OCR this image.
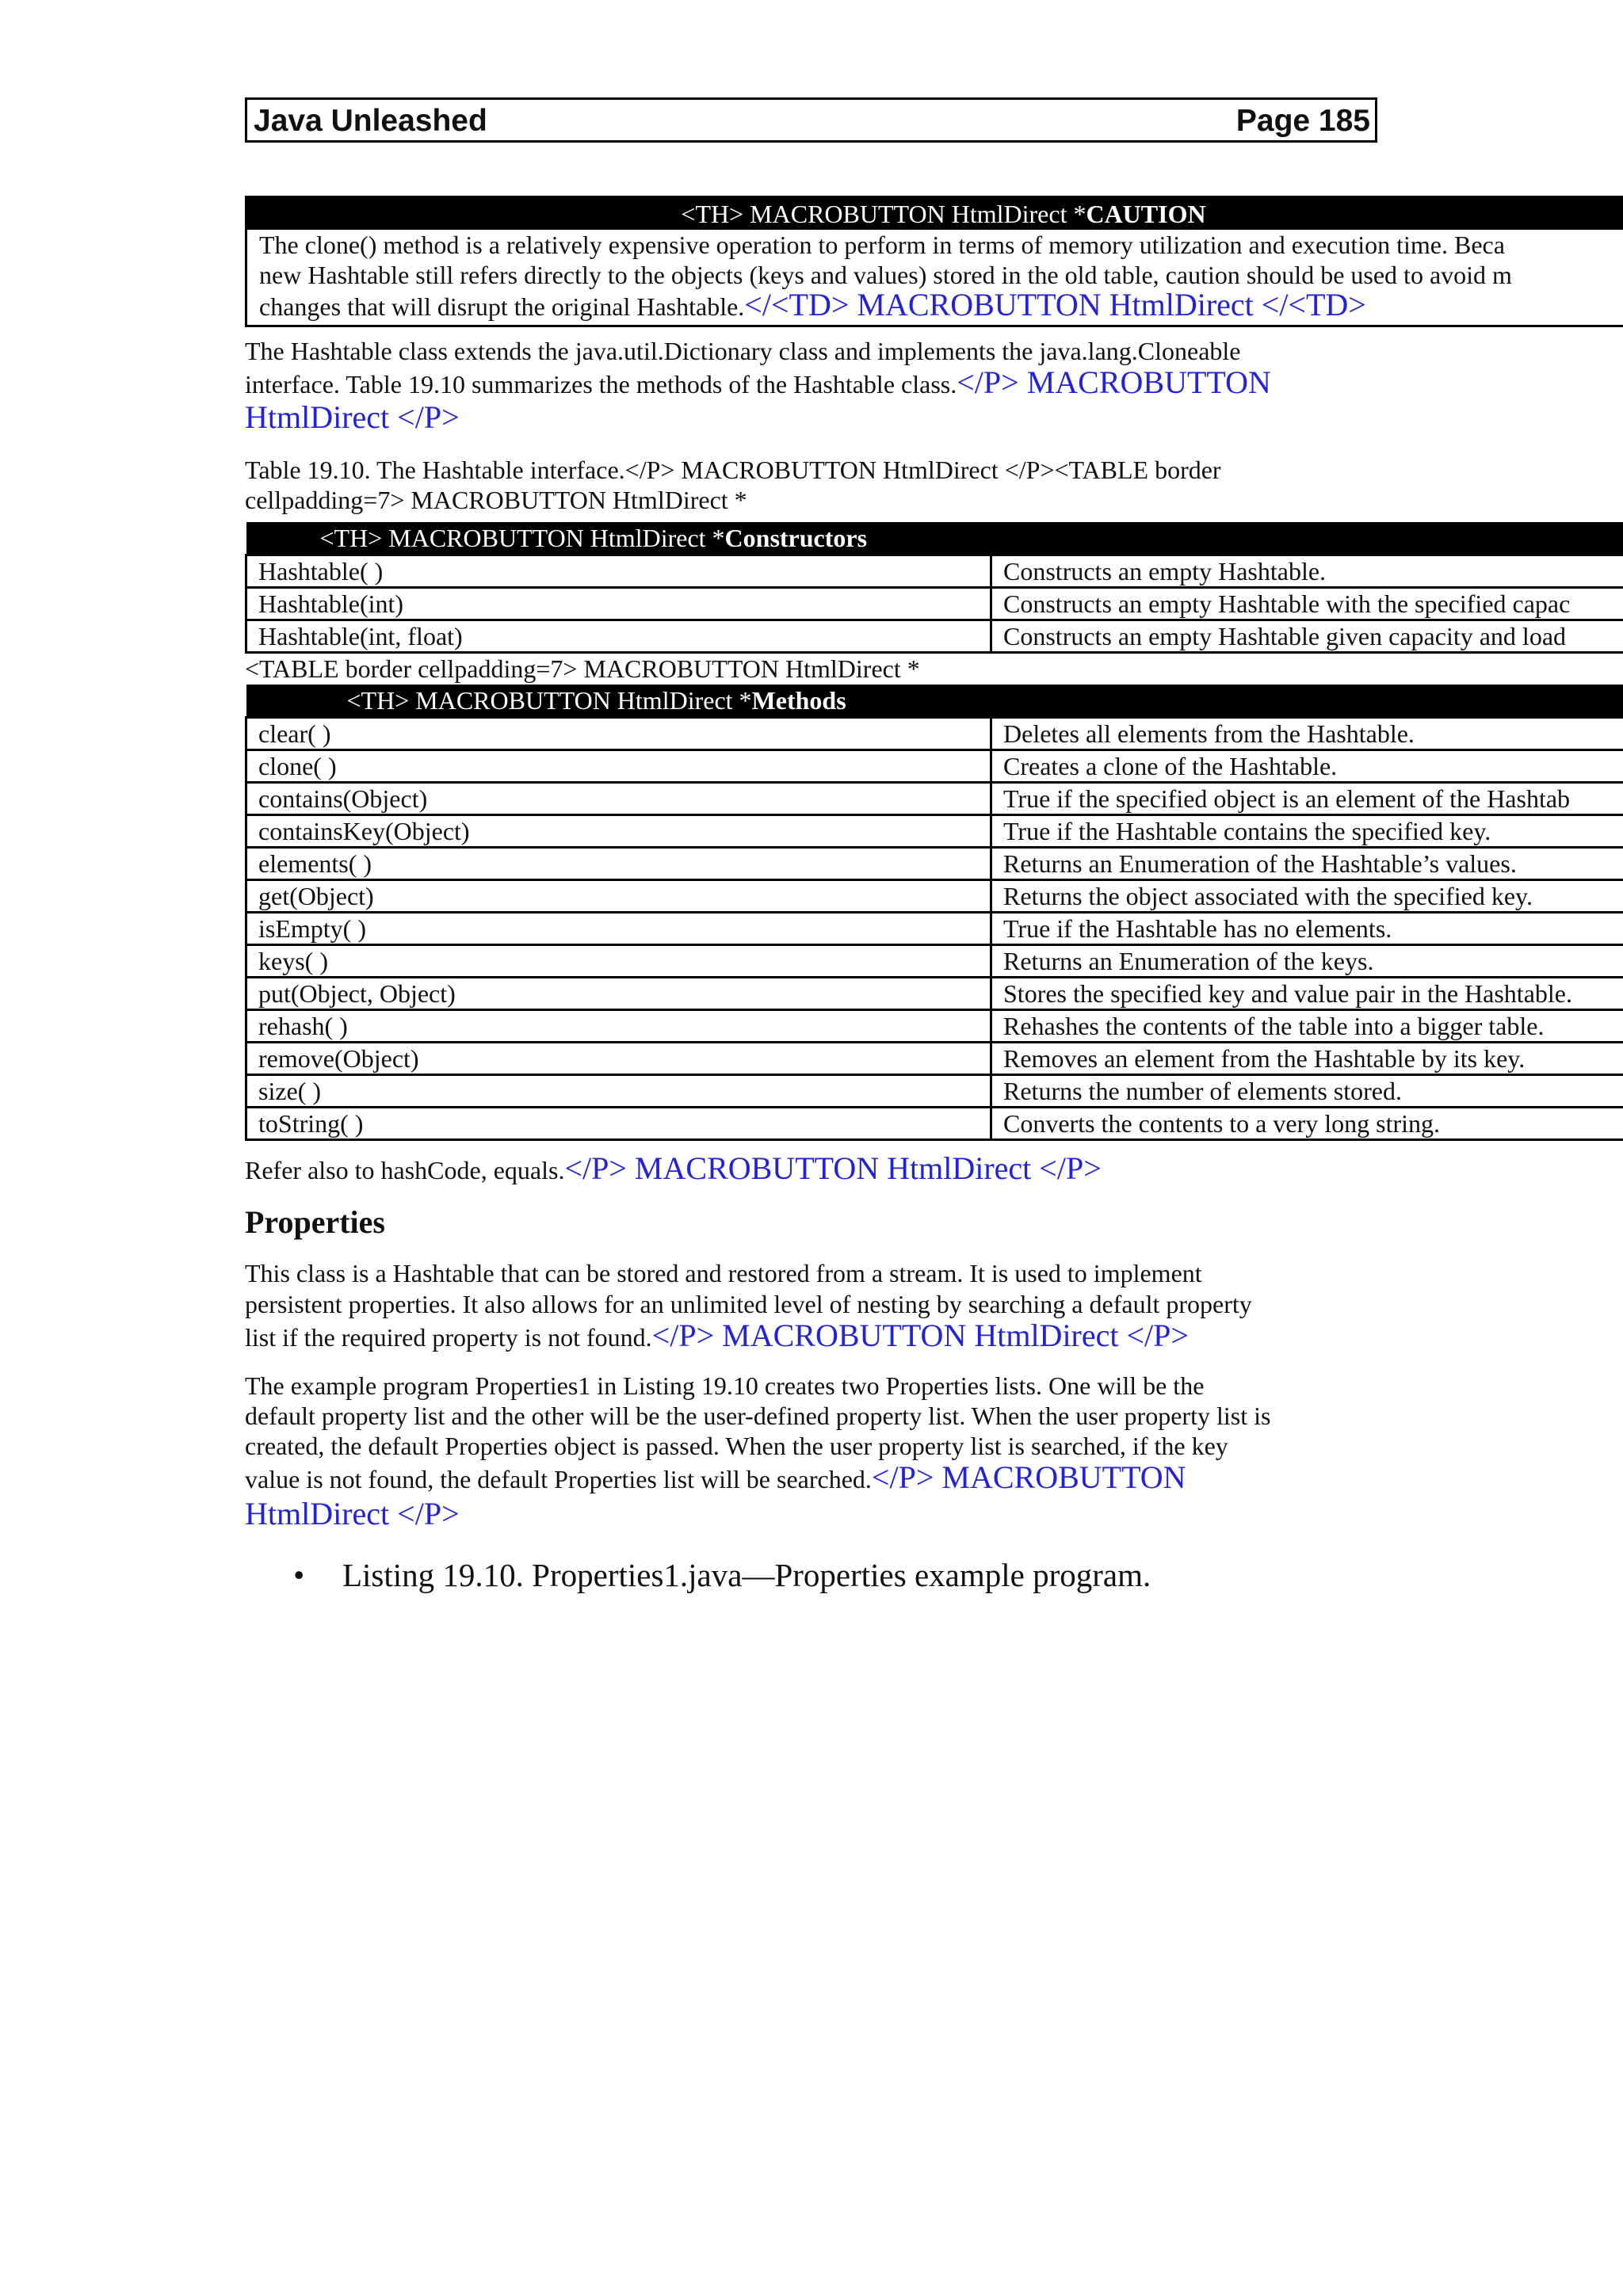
Java Unleashed	Page 185
<TH> MACROBUTTON HtmlDirect *CAUTION
The clone() method is a relatively expensive operation to perform in terms of memory utilization and execution time. Beca
new Hashtable still refers directly to the objects (keys and values) stored in the old table, caution should be used to avoid m
changes that will disrupt the original Hashtable.</<TD> MACROBUTTON HtmlDirect </<TD>
The Hashtable class extends the java.util.Dictionary class and implements the java.lang.Cloneable
interface. Table 19.10 summarizes the methods of the Hashtable class.</P> MACROBUTTON
HtmlDirect </P>
Table 19.10. The Hashtable interface.</P> MACROBUTTON HtmlDirect </P><TABLE border
cellpadding=7> MACROBUTTON HtmlDirect *
<TH> MACROBUTTON HtmlDirect *Constructors	
Hashtable( )	Constructs an empty Hashtable.
Hashtable(int)	Constructs an empty Hashtable with the specified capac
Hashtable(int, float)	Constructs an empty Hashtable given capacity and load
<TABLE border cellpadding=7> MACROBUTTON HtmlDirect *
<TH> MACROBUTTON HtmlDirect *Methods	
clear( )	Deletes all elements from the Hashtable.
clone( )	Creates a clone of the Hashtable.
contains(Object)	True if the specified object is an element of the Hashtab
containsKey(Object)	True if the Hashtable contains the specified key.
elements( )	Returns an Enumeration of the Hashtable’s values.
get(Object)	Returns the object associated with the specified key.
isEmpty( )	True if the Hashtable has no elements.
keys( )	Returns an Enumeration of the keys.
put(Object, Object)	Stores the specified key and value pair in the Hashtable.
rehash( )	Rehashes the contents of the table into a bigger table.
remove(Object)	Removes an element from the Hashtable by its key.
size( )	Returns the number of elements stored.
toString( )	Converts the contents to a very long string.
Refer also to hashCode, equals.</P> MACROBUTTON HtmlDirect </P>
Properties
This class is a Hashtable that can be stored and restored from a stream. It is used to implement
persistent properties. It also allows for an unlimited level of nesting by searching a default property
list if the required property is not found.</P> MACROBUTTON HtmlDirect </P>
The example program Properties1 in Listing 19.10 creates two Properties lists. One will be the
default property list and the other will be the user-defined property list. When the user property list is
created, the default Properties object is passed. When the user property list is searched, if the key
value is not found, the default Properties list will be searched.</P> MACROBUTTON
HtmlDirect </P>
• Listing 19.10. Properties1.java—Properties example program.
